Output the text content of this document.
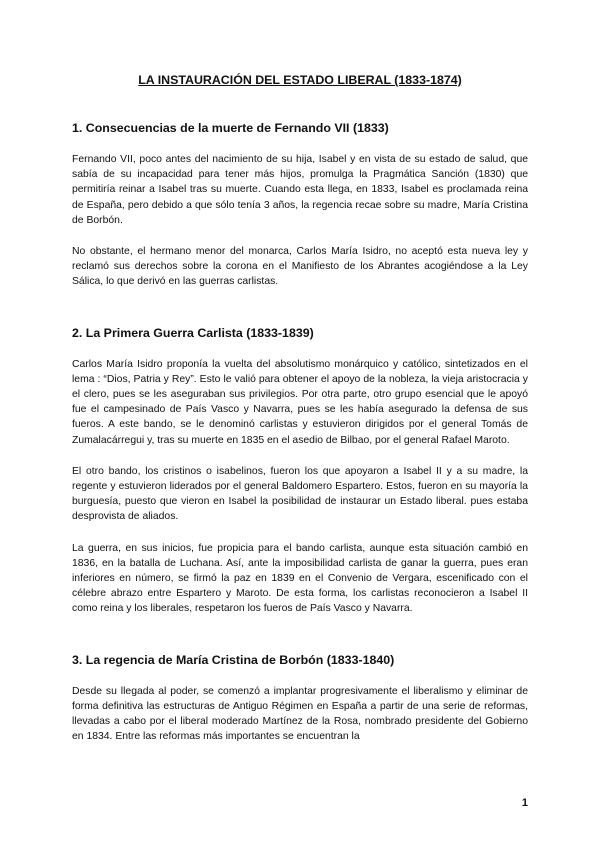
LA INSTAURACIÓN DEL ESTADO LIBERAL (1833-1874)
1. Consecuencias de la muerte de Fernando VII (1833)

Fernando VII, poco antes del nacimiento de su hija, Isabel y en vista de su estado de salud, que sabía de su incapacidad para tener más hijos, promulga la Pragmática Sanción (1830) que permitiría reinar a Isabel tras su muerte. Cuando esta llega, en 1833, Isabel es proclamada reina de España, pero debido a que sólo tenía 3 años, la regencia recae sobre su madre, María Cristina de Borbón.

No obstante, el hermano menor del monarca, Carlos María Isidro, no aceptó esta nueva ley y reclamó sus derechos sobre la corona en el Manifiesto de los Abrantes acogiéndose a la Ley Sálica, lo que derivó en las guerras carlistas.

2. La Primera Guerra Carlista (1833-1839)

Carlos María Isidro proponía la vuelta del absolutismo monárquico y católico, sintetizados en el lema : “Dios, Patria y Rey”. Esto le valió para obtener el apoyo de la nobleza, la vieja aristocracia y el clero, pues se les aseguraban sus privilegios. Por otra parte, otro grupo esencial que le apoyó fue el campesinado de País Vasco y Navarra, pues se les había asegurado la defensa de sus fueros. A este bando, se le denominó carlistas y estuvieron dirigidos por el general Tomás de Zumalacárregui y, tras su muerte en 1835 en el asedio de Bilbao, por el general Rafael Maroto.

El otro bando, los cristinos o isabelinos, fueron los que apoyaron a Isabel II y a su madre, la regente y estuvieron liderados por el general Baldomero Espartero. Estos, fueron en su mayoría la burguesía, puesto que vieron en Isabel la posibilidad de instaurar un Estado liberal. pues estaba desprovista de aliados.

La guerra, en sus inicios, fue propicia para el bando carlista, aunque esta situación cambió en 1836, en la batalla de Luchana. Así, ante la imposibilidad carlista de ganar la guerra, pues eran inferiores en número, se firmó la paz en 1839 en el Convenio de Vergara, escenificado con el célebre abrazo entre Espartero y Maroto. De esta forma, los carlistas reconocieron a Isabel II como reina y los liberales, respetaron los fueros de País Vasco y Navarra.

3. La regencia de María Cristina de Borbón (1833-1840)

Desde su llegada al poder, se comenzó a implantar progresivamente el liberalismo y eliminar de forma definitiva las estructuras de Antiguo Régimen en España a partir de una serie de reformas, llevadas a cabo por el liberal moderado Martínez de la Rosa, nombrado presidente del Gobierno en 1834. Entre las reformas más importantes se encuentran la

1
